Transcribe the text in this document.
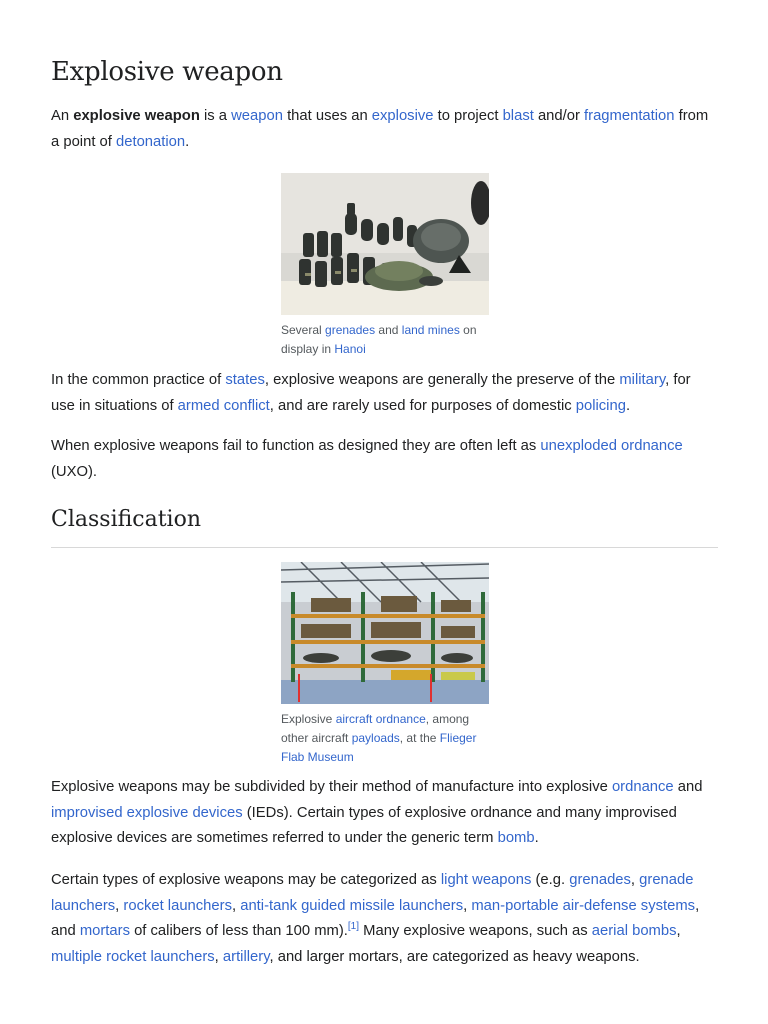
Explosive weapon

An explosive weapon is a weapon that uses an explosive to project blast and/or fragmentation from a point of detonation.

Several grenades and land mines on display in Hanoi

In the common practice of states, explosive weapons are generally the preserve of the military, for use in situations of armed conflict, and are rarely used for purposes of domestic policing.

When explosive weapons fail to function as designed they are often left as unexploded ordnance (UXO).

Classification
Explosive aircraft ordnance, among other aircraft payloads, at the Flieger Flab Museum

Explosive weapons may be subdivided by their method of manufacture into explosive ordnance and improvised explosive devices (IEDs). Certain types of explosive ordnance and many improvised explosive devices are sometimes referred to under the generic term bomb.

Certain types of explosive weapons may be categorized as light weapons (e.g. grenades, grenade launchers, rocket launchers, anti-tank guided missile launchers, man-portable air-defense systems, and mortars of calibers of less than 100 mm).[1] Many explosive weapons, such as aerial bombs, multiple rocket launchers, artillery, and larger mortars, are categorized as heavy weapons.
